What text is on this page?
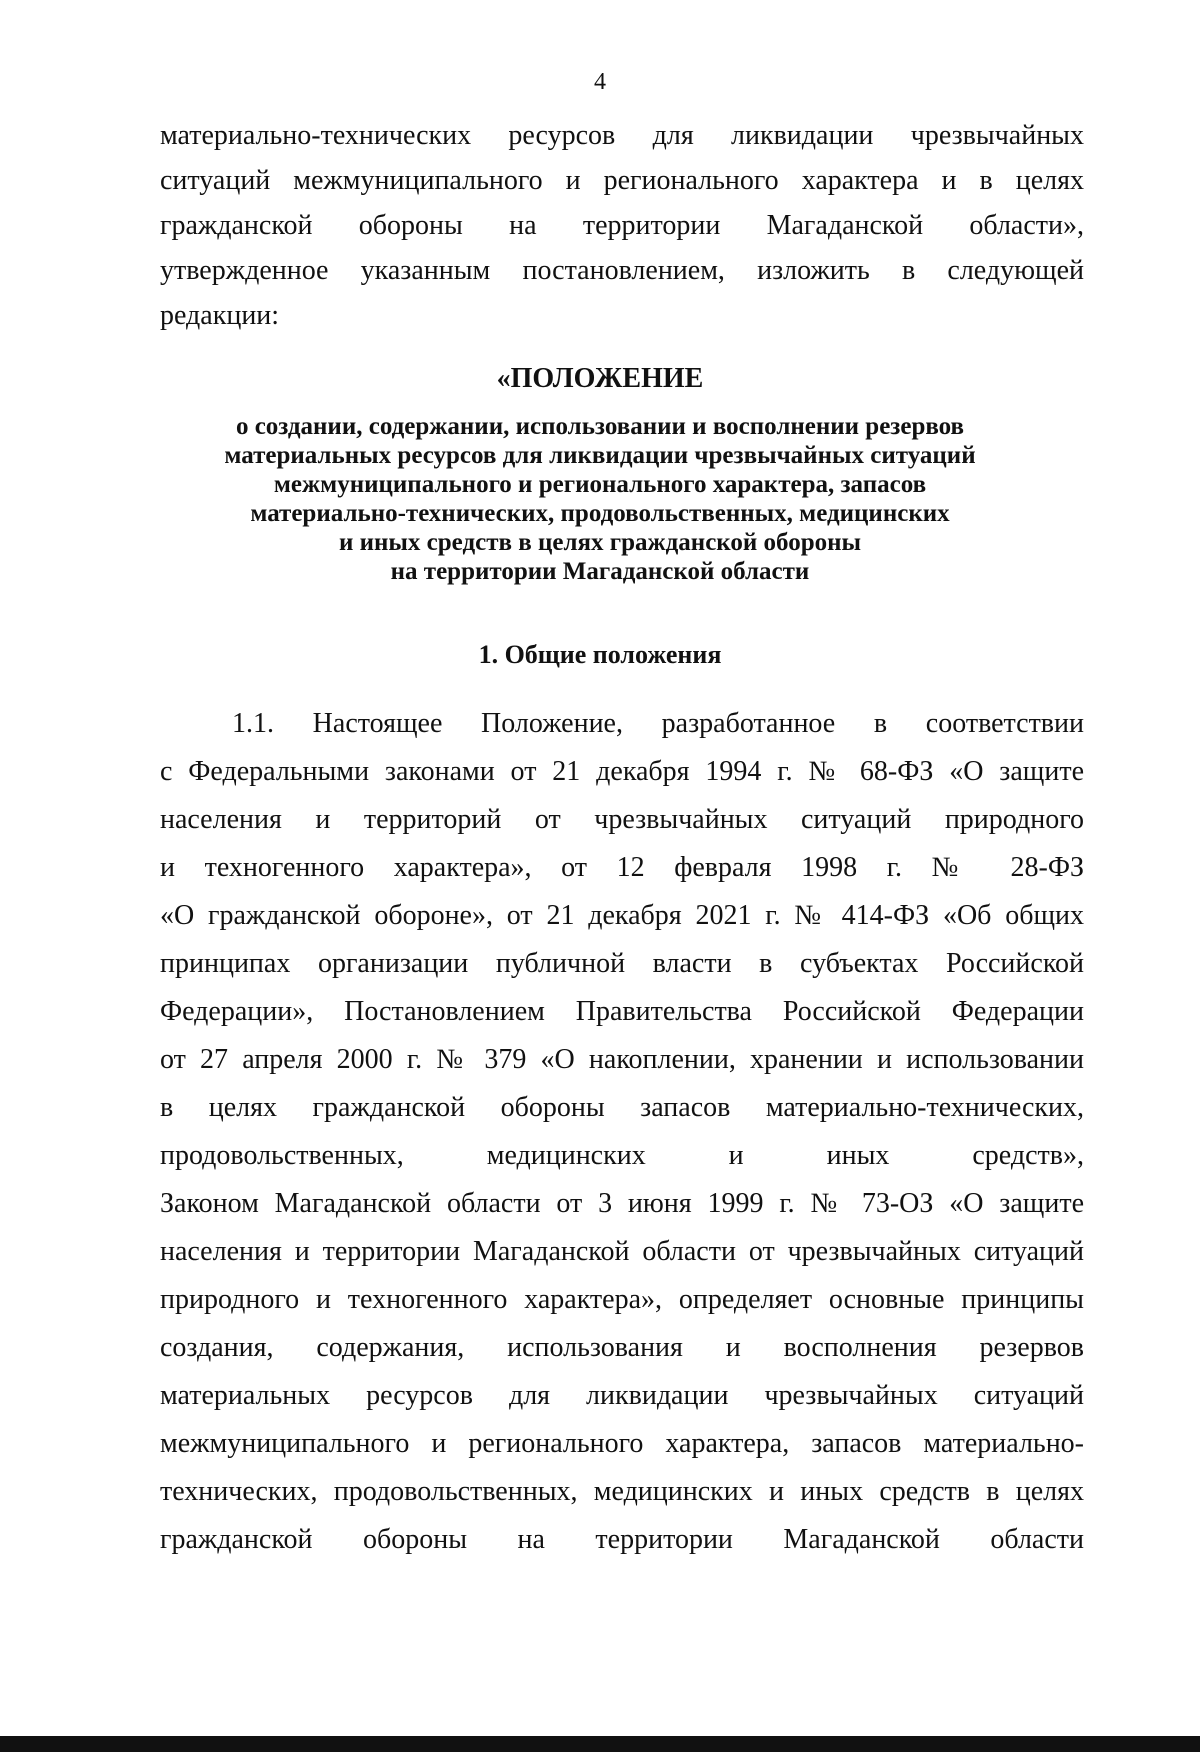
4
материально-технических ресурсов для ликвидации чрезвычайных
ситуаций межмуниципального и регионального характера и в целях
гражданской обороны на территории Магаданской области»,
утвержденное указанным постановлением, изложить в следующей
редакции:
«ПОЛОЖЕНИЕ
о создании, содержании, использовании и восполнении резервов
материальных ресурсов для ликвидации чрезвычайных ситуаций
межмуниципального и регионального характера, запасов
материально-технических, продовольственных, медицинских
и иных средств в целях гражданской обороны
на территории Магаданской области
1. Общие положения
1.1. Настоящее Положение, разработанное в соответствии
с Федеральными законами от 21 декабря 1994 г. № 68-ФЗ «О защите
населения и территорий от чрезвычайных ситуаций природного
и техногенного характера», от 12 февраля 1998 г. № 28-ФЗ
«О гражданской обороне», от 21 декабря 2021 г. № 414-ФЗ «Об общих
принципах организации публичной власти в субъектах Российской
Федерации», Постановлением Правительства Российской Федерации
от 27 апреля 2000 г. № 379 «О накоплении, хранении и использовании
в целях гражданской обороны запасов материально-технических,
продовольственных, медицинских и иных средств»,
Законом Магаданской области от 3 июня 1999 г. № 73-ОЗ «О защите
населения и территории Магаданской области от чрезвычайных ситуаций
природного и техногенного характера», определяет основные принципы
создания, содержания, использования и восполнения резервов
материальных ресурсов для ликвидации чрезвычайных ситуаций
межмуниципального и регионального характера, запасов материально-
технических, продовольственных, медицинских и иных средств в целях
гражданской обороны на территории Магаданской области
